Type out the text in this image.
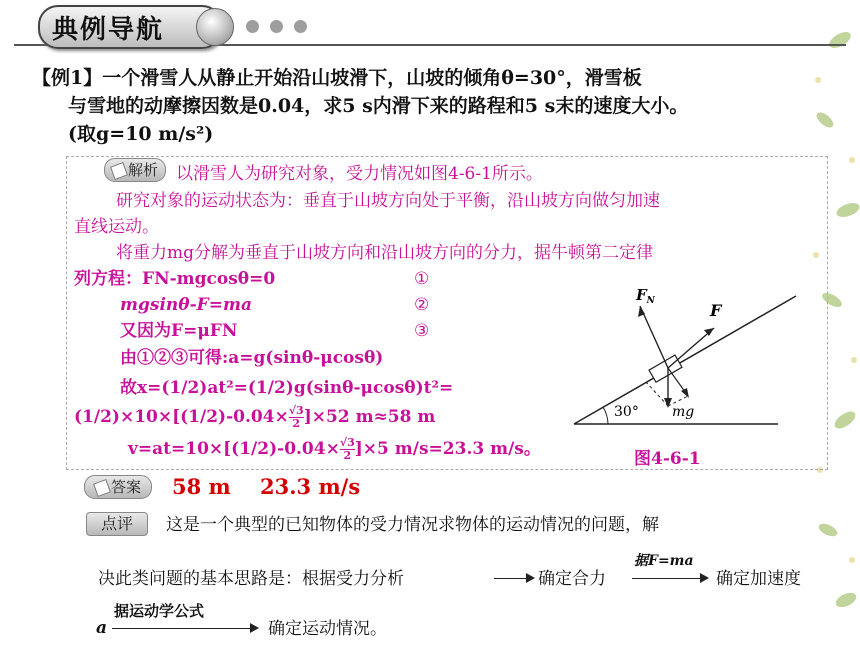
典例导航
【例1】一个滑雪人从静止开始沿山坡滑下，山坡的倾角θ=30°，滑雪板
与雪地的动摩擦因数是0.04，求5 s内滑下来的路程和5 s末的速度大小。
(取g=10 m/s²)
解析	以滑雪人为研究对象，受力情况如图4-6-1所示。
研究对象的运动状态为：垂直于山坡方向处于平衡，沿山坡方向做匀加速
直线运动。
将重力mg分解为垂直于山坡方向和沿山坡方向的分力，据牛顿第二定律
列方程：FN-mgcosθ=0	①
mgsinθ-F=ma	②
又因为F=μFN	③
由①②③可得:a=g(sinθ-μcosθ)
故x=(1/2)at²=(1/2)g(sinθ-μcosθ)t²=
$(1/2)\times 10\times[(1/2)-0.04\times \frac{√3}{2} ]\times 52$ m≈58 m
$v=at=10\times[(1/2)-0.04\times \frac{√3}{2} ]\times 5$ m/s=23.3 m/s。
$F_N$	F
mg
30°
图4-6-1
答案	58 m    23.3 m/s
点评	这是一个典型的已知物体的受力情况求物体的运动情况的问题，解
决此类问题的基本思路是：根据受力分析	确定合力
据F=ma
确定加速度
据运动学公式
a	确定运动情况。
